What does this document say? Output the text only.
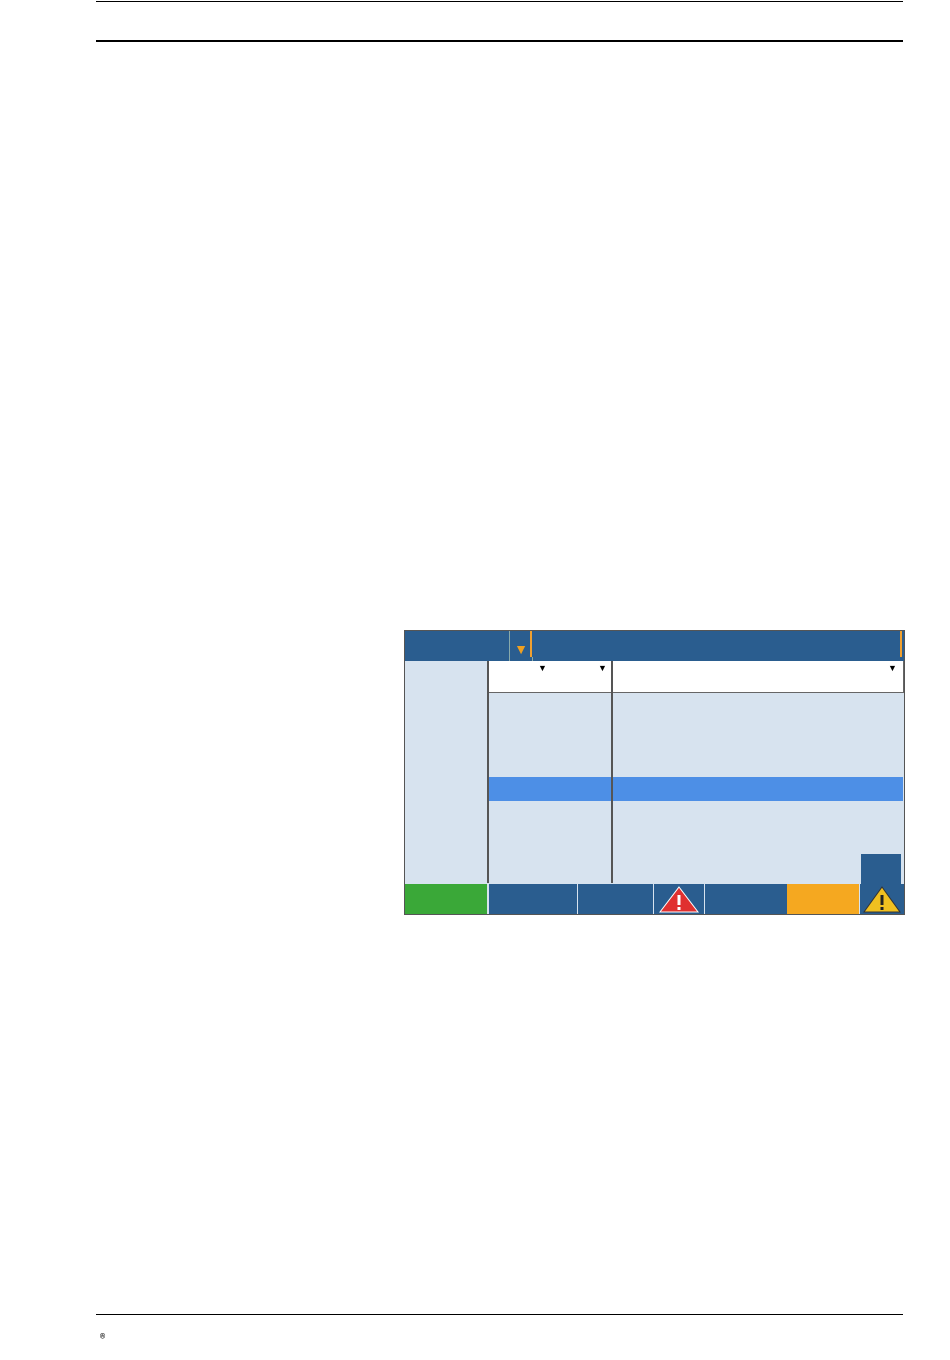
▼
▼	▼	▼
®
